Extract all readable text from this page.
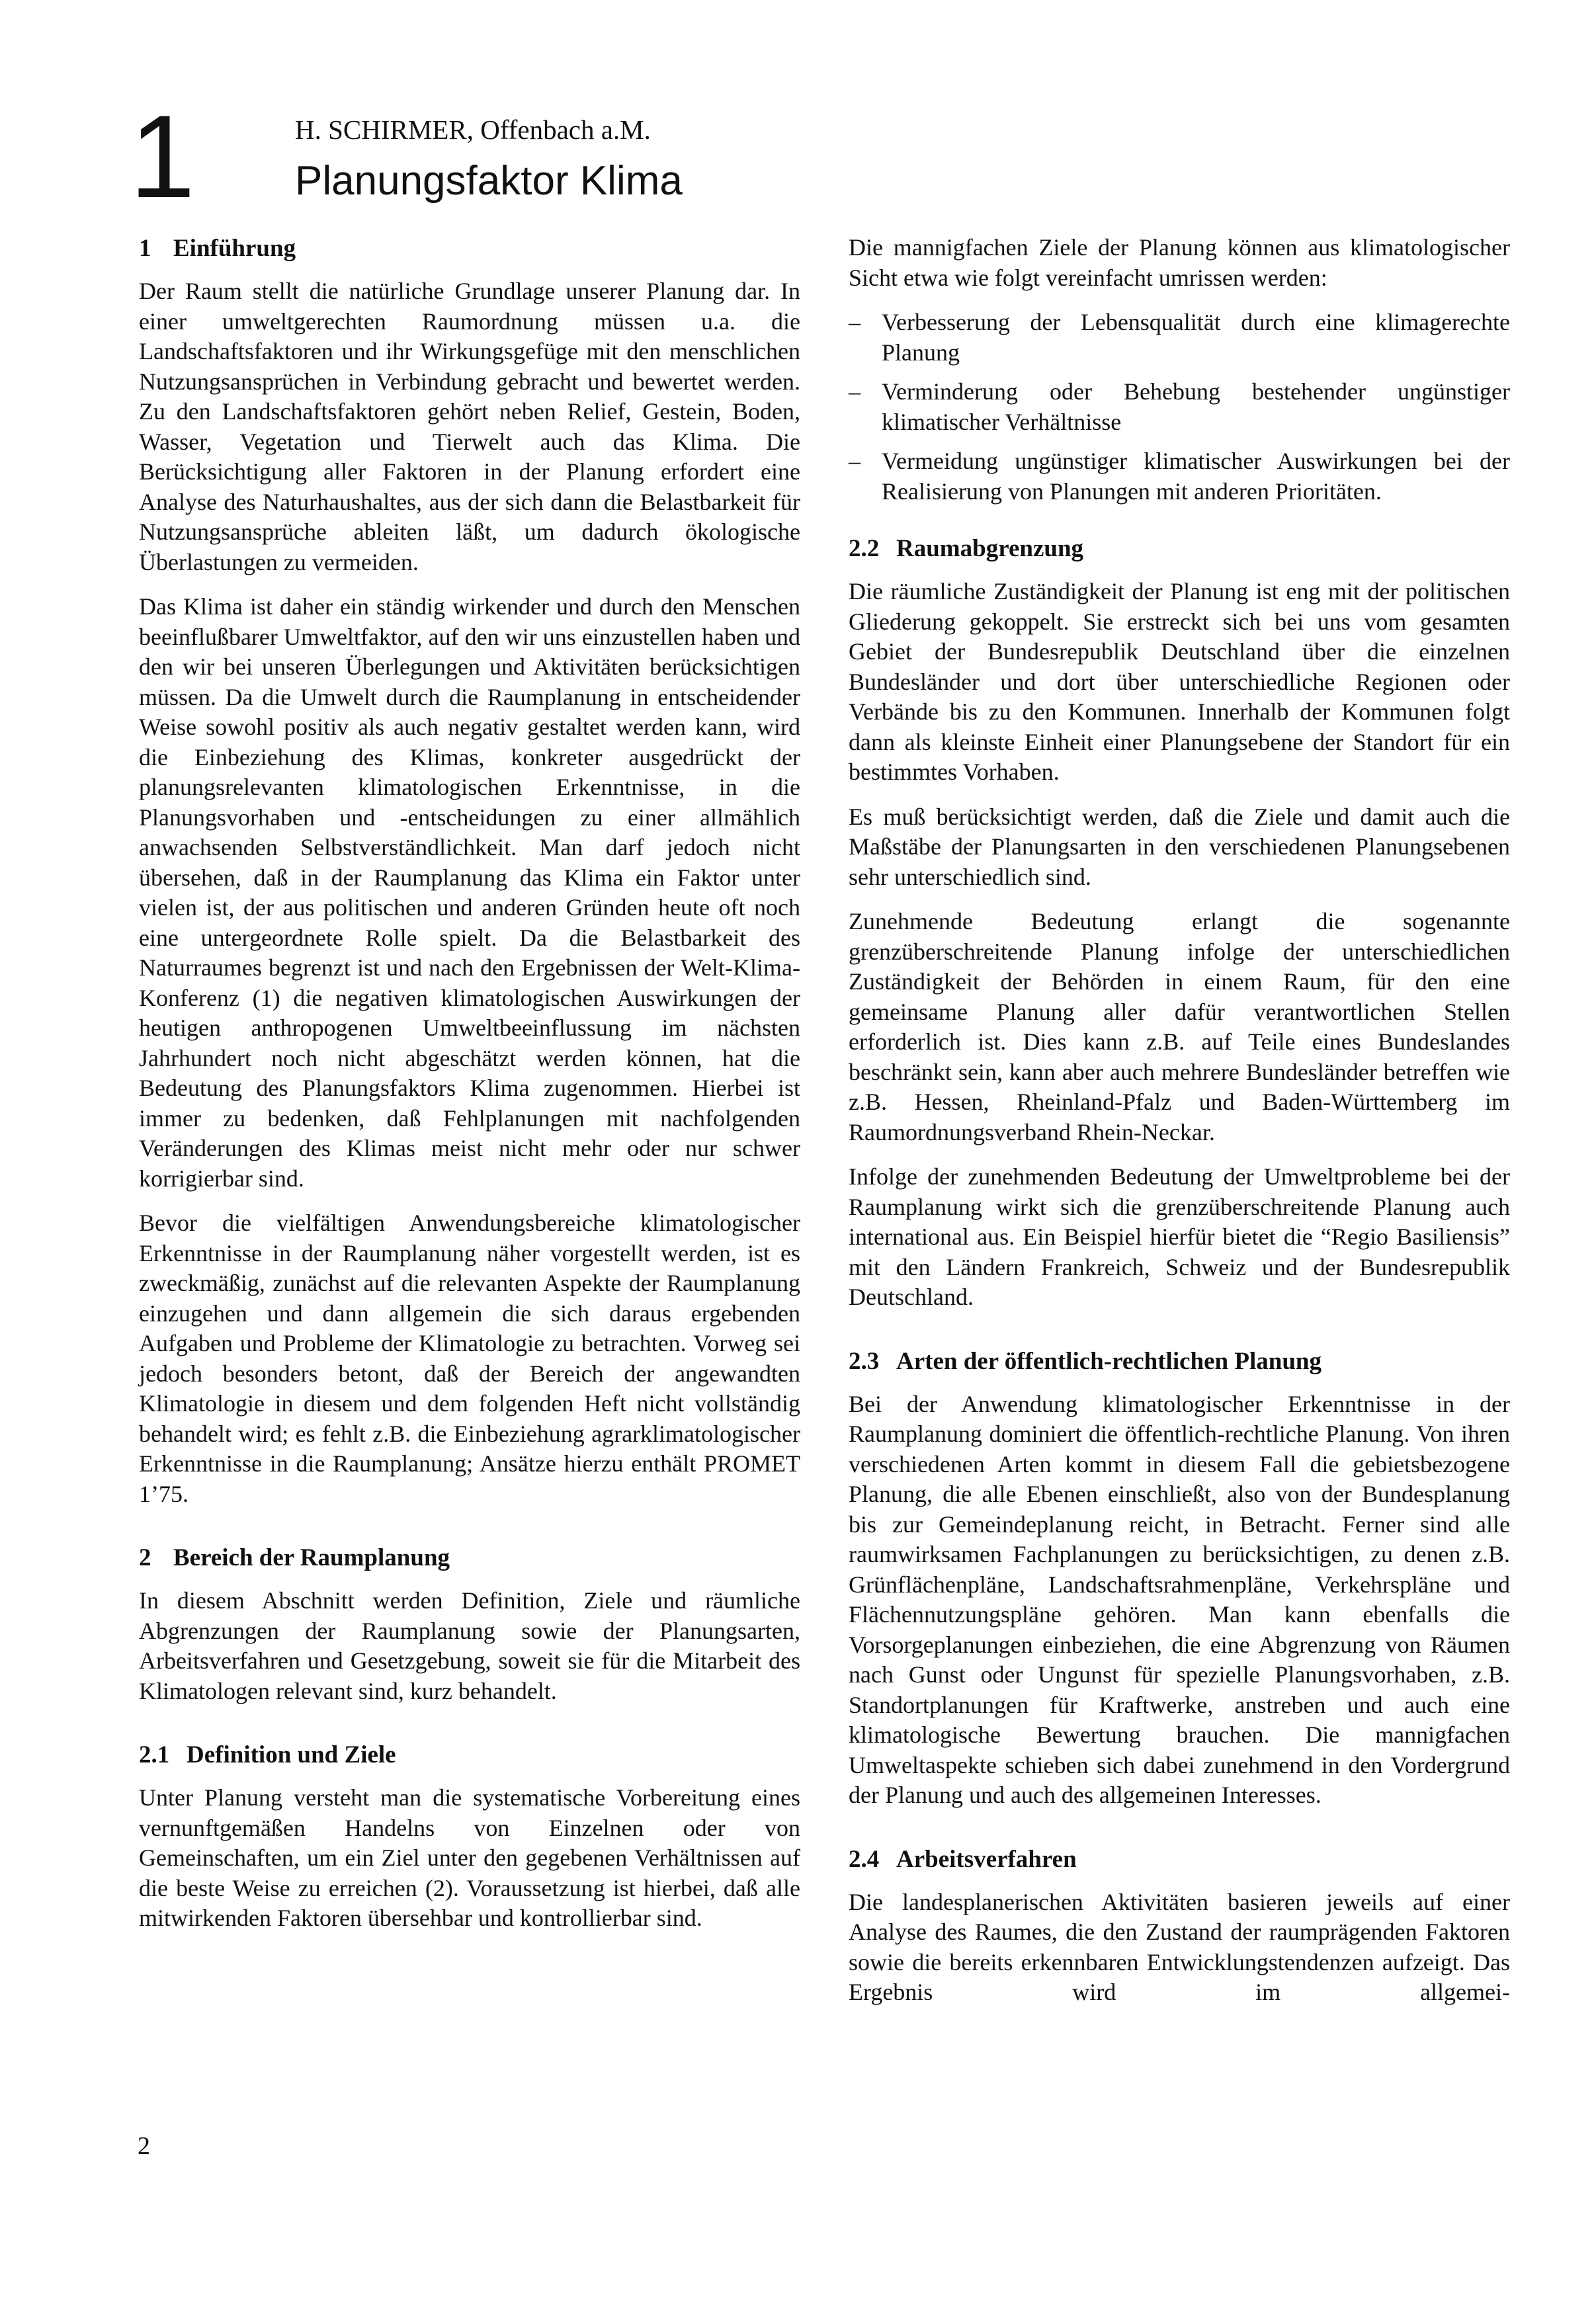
1	H. SCHIRMER, Offenbach a.M.

Planungsfaktor Klima
1 Einführung

Der Raum stellt die natürliche Grundlage unserer Planung dar. In einer umweltgerechten Raumordnung müssen u.a. die Landschaftsfaktoren und ihr Wirkungsgefüge mit den menschlichen Nutzungsansprüchen in Verbindung gebracht und bewertet werden. Zu den Landschaftsfaktoren gehört neben Relief, Gestein, Boden, Wasser, Vegetation und Tierwelt auch das Klima. Die Berücksichtigung aller Faktoren in der Planung erfordert eine Analyse des Naturhaushaltes, aus der sich dann die Belastbarkeit für Nutzungsansprüche ableiten läßt, um dadurch ökologische Überlastungen zu vermeiden.

Das Klima ist daher ein ständig wirkender und durch den Menschen beeinflußbarer Umweltfaktor, auf den wir uns einzustellen haben und den wir bei unseren Überlegungen und Aktivitäten berücksichtigen müssen. Da die Umwelt durch die Raumplanung in entscheidender Weise sowohl positiv als auch negativ gestaltet werden kann, wird die Einbeziehung des Klimas, konkreter ausgedrückt der planungsrelevanten klimatologischen Erkenntnisse, in die Planungsvorhaben und -entscheidungen zu einer allmählich anwachsenden Selbstverständlichkeit. Man darf jedoch nicht übersehen, daß in der Raumplanung das Klima ein Faktor unter vielen ist, der aus politischen und anderen Gründen heute oft noch eine untergeordnete Rolle spielt. Da die Belastbarkeit des Naturraumes begrenzt ist und nach den Ergebnissen der Welt-Klima-Konferenz (1) die negativen klimatologischen Auswirkungen der heutigen anthropogenen Umweltbeeinflussung im nächsten Jahrhundert noch nicht abgeschätzt werden können, hat die Bedeutung des Planungsfaktors Klima zugenommen. Hierbei ist immer zu bedenken, daß Fehlplanungen mit nachfolgenden Veränderungen des Klimas meist nicht mehr oder nur schwer korrigierbar sind.

Bevor die vielfältigen Anwendungsbereiche klimatologischer Erkenntnisse in der Raumplanung näher vorgestellt werden, ist es zweckmäßig, zunächst auf die relevanten Aspekte der Raumplanung einzugehen und dann allgemein die sich daraus ergebenden Aufgaben und Probleme der Klimatologie zu betrachten. Vorweg sei jedoch besonders betont, daß der Bereich der angewandten Klimatologie in diesem und dem folgenden Heft nicht vollständig behandelt wird; es fehlt z.B. die Einbeziehung agrarklimatologischer Erkenntnisse in die Raumplanung; Ansätze hierzu enthält PROMET 1’75.

2 Bereich der Raumplanung

In diesem Abschnitt werden Definition, Ziele und räumliche Abgrenzungen der Raumplanung sowie der Planungsarten, Arbeitsverfahren und Gesetzgebung, soweit sie für die Mitarbeit des Klimatologen relevant sind, kurz behandelt.

2.1 Definition und Ziele

Unter Planung versteht man die systematische Vorbereitung eines vernunftgemäßen Handelns von Einzelnen oder von Gemeinschaften, um ein Ziel unter den gegebenen Verhältnissen auf die beste Weise zu erreichen (2). Voraussetzung ist hierbei, daß alle mitwirkenden Faktoren übersehbar und kontrollierbar sind.

Die mannigfachen Ziele der Planung können aus klimatologischer Sicht etwa wie folgt vereinfacht umrissen werden:

– Verbesserung der Lebensqualität durch eine klimagerechte Planung
– Verminderung oder Behebung bestehender ungünstiger klimatischer Verhältnisse
– Vermeidung ungünstiger klimatischer Auswirkungen bei der Realisierung von Planungen mit anderen Prioritäten.
2.2 Raumabgrenzung

Die räumliche Zuständigkeit der Planung ist eng mit der politischen Gliederung gekoppelt. Sie erstreckt sich bei uns vom gesamten Gebiet der Bundesrepublik Deutschland über die einzelnen Bundesländer und dort über unterschiedliche Regionen oder Verbände bis zu den Kommunen. Innerhalb der Kommunen folgt dann als kleinste Einheit einer Planungsebene der Standort für ein bestimmtes Vorhaben.

Es muß berücksichtigt werden, daß die Ziele und damit auch die Maßstäbe der Planungsarten in den verschiedenen Planungsebenen sehr unterschiedlich sind.

Zunehmende Bedeutung erlangt die sogenannte grenzüberschreitende Planung infolge der unterschiedlichen Zuständigkeit der Behörden in einem Raum, für den eine gemeinsame Planung aller dafür verantwortlichen Stellen erforderlich ist. Dies kann z.B. auf Teile eines Bundeslandes beschränkt sein, kann aber auch mehrere Bundesländer betreffen wie z.B. Hessen, Rheinland-Pfalz und Baden-Württemberg im Raumordnungsverband Rhein-Neckar.

Infolge der zunehmenden Bedeutung der Umweltprobleme bei der Raumplanung wirkt sich die grenzüberschreitende Planung auch international aus. Ein Beispiel hierfür bietet die “Regio Basiliensis” mit den Ländern Frankreich, Schweiz und der Bundesrepublik Deutschland.

2.3 Arten der öffentlich-rechtlichen Planung

Bei der Anwendung klimatologischer Erkenntnisse in der Raumplanung dominiert die öffentlich-rechtliche Planung. Von ihren verschiedenen Arten kommt in diesem Fall die gebietsbezogene Planung, die alle Ebenen einschließt, also von der Bundesplanung bis zur Gemeindeplanung reicht, in Betracht. Ferner sind alle raumwirksamen Fachplanungen zu berücksichtigen, zu denen z.B. Grünflächenpläne, Landschaftsrahmenpläne, Verkehrspläne und Flächennutzungspläne gehören. Man kann ebenfalls die Vorsorgeplanungen einbeziehen, die eine Abgrenzung von Räumen nach Gunst oder Ungunst für spezielle Planungsvorhaben, z.B. Standortplanungen für Kraftwerke, anstreben und auch eine klimatologische Bewertung brauchen. Die mannigfachen Umweltaspekte schieben sich dabei zunehmend in den Vordergrund der Planung und auch des allgemeinen Interesses.

2.4 Arbeitsverfahren

Die landesplanerischen Aktivitäten basieren jeweils auf einer Analyse des Raumes, die den Zustand der raumprägenden Faktoren sowie die bereits erkennbaren Entwicklungstendenzen aufzeigt. Das Ergebnis wird im allgemei-

2
